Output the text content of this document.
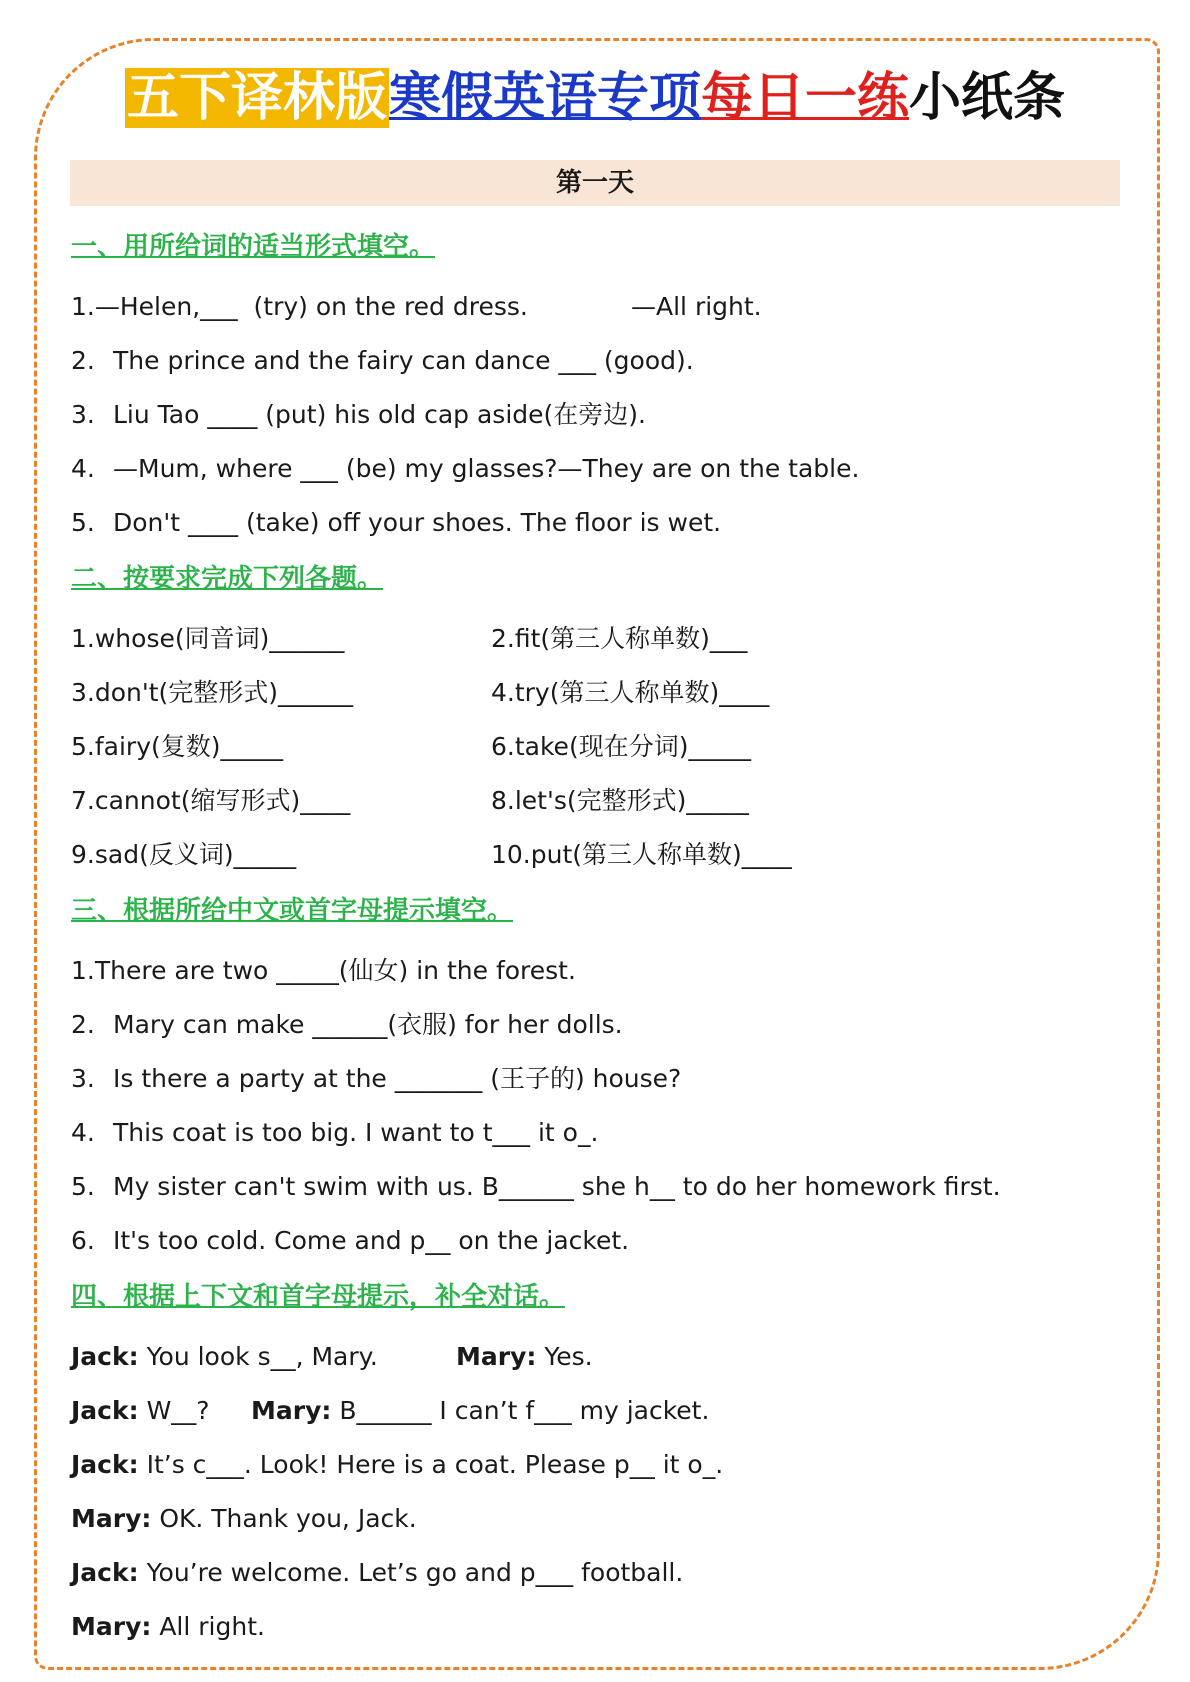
五下译林版寒假英语专项每日一练小纸条
第一天
一、用所给词的适当形式填空。
1.—Helen,___  (try) on the red dress.	—All right.
2. The prince and the fairy can dance ___ (good).
3. Liu Tao ____ (put) his old cap aside(在旁边).
4. —Mum, where ___ (be) my glasses?—They are on the table.
5. Don't ____ (take) off your shoes. The floor is wet.
二、按要求完成下列各题。
1.whose(同音词)______	2.fit(第三人称单数)___
3.don't(完整形式)______	4.try(第三人称单数)____
5.fairy(复数)_____	6.take(现在分词)_____
7.cannot(缩写形式)____	8.let's(完整形式)_____
9.sad(反义词)_____	10.put(第三人称单数)____
三、根据所给中文或首字母提示填空。
1.There are two _____(仙女) in the forest.
2. Mary can make ______(衣服) for her dolls.
3. Is there a party at the _______ (王子的) house?
4. This coat is too big. I want to t___ it o_.
5. My sister can't swim with us. B______ she h__ to do her homework first.
6. It's too cold. Come and p__ on the jacket.
四、根据上下文和首字母提示，补全对话。
Jack: You look s__, Mary.	Mary: Yes.
Jack: W__? Mary: B______ I can’t f___ my jacket.
Jack: It’s c___. Look! Here is a coat. Please p__ it o_.
Mary: OK. Thank you, Jack.
Jack: You’re welcome. Let’s go and p___ football.
Mary: All right.
